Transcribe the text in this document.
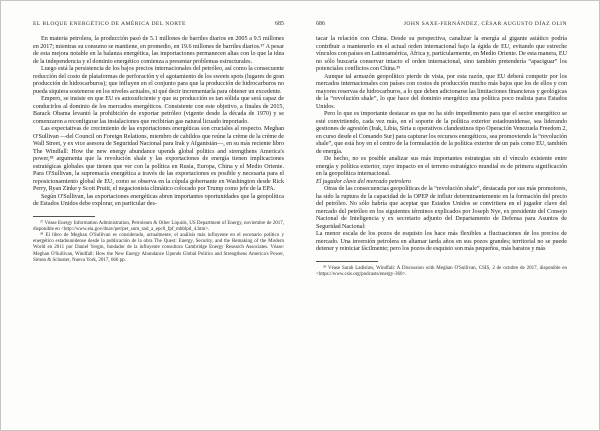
EL BLOQUE ENERGÉTICO DE AMÉRICA DEL NORTE	685

En materia petrolera, la producción pasó de 5.1 millones de barriles diarios en 2005 a 9.5 millones en 2017; mientras su consumo se mantiene, en promedio, en 19.6 millones de barriles diarios.³⁷ A pesar de esta mejora notable en la balanza energética, las importaciones permanecen altas con lo que la idea de la independencia y el dominio energético comienza a presentar problemas estructurales.

Luego está la persistencia de los bajos precios internacionales del petróleo, así como la consecuente reducción del costo de plataformas de perforación y el agotamiento de los sweets spots (lugares de gran producción de hidrocarburos); que influyen en el conjunto para que la producción de hidrocarburos no pueda siquiera sostenerse en los niveles actuales, ni qué decir incrementarla para obtener un excedente.

Empero, se insiste en que EU es autosuficiente y que su producción es tan sólida que será capaz de conducirlos al dominio de los mercados energéticos. Consistente con este objetivo, a finales de 2015, Barack Obama levantó la prohibición de exportar petróleo (vigente desde la década de 1970) y se comenzaron a reconfigurar las instalaciones que recibirían gas natural licuado importado.

Las expectativas de crecimiento de las exportaciones energéticas son cruciales al respecto. Meghan O'Sullivan —del Council on Foreign Relations, miembro de cabildos que reúne la crème de la crème de Wall Street, y ex vice asesora de Seguridad Nacional para Irak y Afganistán—, en su más reciente libro The Windfall: How the new energy abundance upends global politics and strengthens America's power,³⁸ argumenta que la revolución shale y las exportaciones de energía tienen implicaciones estratégicas globales que tienen que ver con la política en Rusia, Europa, China y el Medio Oriente. Para O'Sullivan, la supremacía energética a través de las exportaciones es posible y necesaria para el reposicionamiento global de EU, como se observa en la cúpula gobernante en Washington desde Rick Perry, Ryan Zinke y Scott Pruitt, el negacionista climático colocado por Trump como jefe de la EPA.

Según O'Sullivan, las exportaciones energéticas abren importantes oportunidades que la geopolítica de Estados Unidos debe explorar, en particular des-

³⁷ Véase Energy Information Administration, Petroleum & Other Liquids, US Department of Energy, noviembre de 2017, disponible en <http://www.eia.gov/dnav/pet/pet_sum_snd_a_epc0_fpf_mbblpd_4.htm>.

³⁸ El libro de Meghan O'Sullivan es considerado, actualmente, el análisis más influyente en el escenario político y energético estadounidense desde la publicación de la obra The Quest: Energy, Security, and the Remaking of the Modern World en 2011 por Daniel Yergin, fundador de la influyente consultora Cambridge Energy Research Associates. Véase: Meghan O'Sullivan, Windfall: How the New Energy Abundance Upends Global Politics and Strengthens America's Power, Simon & Schuster, Nueva York, 2017, 666 pp.

686	JOHN SAXE-FERNÁNDEZ, CÉSAR AUGUSTO DÍAZ OLIN

tacar la relación con China. Desde su perspectiva, canalizar la energía al gigante asiático podría contribuir a mantenerlo en el actual orden internacional bajo la égida de EU, evitando que estreche vínculos con países en Latinoamérica, África y, particularmente, en Medio Oriente. De esta manera, EU no sólo buscaría conservar intacto el orden internacional, sino también pretendería “apaciguar” los potenciales conflictos con China.³⁹

Aunque tal armazón geopolítico pierde de vista, por esta razón, que EU deberá competir por los mercados internacionales con países con costos de producción mucho más bajos que los de ellos y con mayores reservas de hidrocarburos, a lo que deben adicionarse las limitaciones financieras y geológicas de la “revolución shale”, lo que hace del dominio energético una política poco realista para Estados Unidos.

Pero lo que es importante destacar es que no ha sido impedimento para que el sector energético se esté convirtiendo, cada vez más, en el soporte de la política exterior estadounidense, sea liderando gestiones de agresión (Irak, Libia, Siria u operativos clandestinos tipo Operación Venezuela Freedom 2, en curso desde el Comando Sur) para capturar los recursos energéticos, sea promoviendo la “revolución shale”, que está hoy en el centro de la formulación de la política exterior de un país como EU, también de energía.

De hecho, no es posible analizar sus más importantes estrategias sin el vínculo existente entre energía y política exterior, cuyo impacto en el terreno estratégico mundial es de primera significación en la geopolítica internacional.

El jugador clave del mercado petrolero

Otras de las consecuencias geopolíticas de la “revolución shale”, destacada por sus más promotores, ha sido la ruptura de la capacidad de la OPEP de influir determinantemente en la formación del precio del petróleo. No sólo habría que aceptar que Estados Unidos se convirtiera en el jugador clave del mercado del petróleo en los siguientes términos explicados por Joseph Nye, ex presidente del Consejo Nacional de Inteligencia y ex secretario adjunto del Departamento de Defensa para Asuntos de Seguridad Nacional:

La menor escala de los pozos de esquisto los hace más flexibles a fluctuaciones de los precios de mercado. Una inversión petrolera en altamar tarda años en sus pozos grandes; territorial no se puede detener y reiniciar fácilmente; pero los pozos de esquisto son más pequeños, más baratos y más

³⁹ Véase Sarah Ladislaw, Windfall: A Discussion with Meghan O'Sullivan, CSIS, 2 de octubre de 2017, disponible en <https://www.csis.org/podcasts/energy-360>.
